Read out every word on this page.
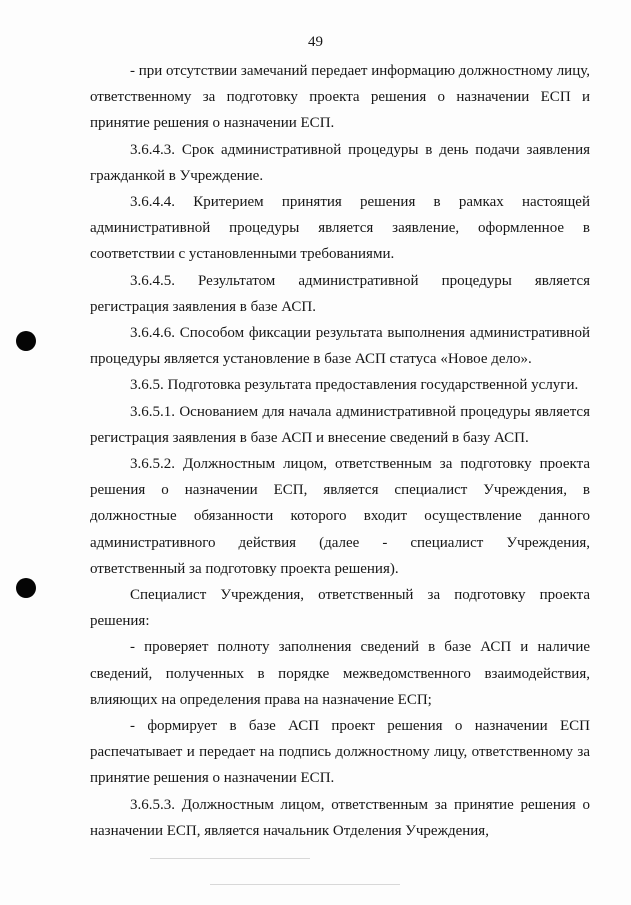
49

- при отсутствии замечаний передает информацию должностному лицу, ответственному за подготовку проекта решения о назначении ЕСП и принятие решения о назначении ЕСП.

3.6.4.3. Срок административной процедуры в день подачи заявления гражданкой в Учреждение.

3.6.4.4. Критерием принятия решения в рамках настоящей административной процедуры является заявление, оформленное в соответствии с установленными требованиями.

3.6.4.5. Результатом административной процедуры является регистрация заявления в базе АСП.

3.6.4.6. Способом фиксации результата выполнения административной процедуры является установление в базе АСП статуса «Новое дело».

3.6.5. Подготовка результата предоставления государственной услуги.

3.6.5.1. Основанием для начала административной процедуры является регистрация заявления в базе АСП и внесение сведений в базу АСП.

3.6.5.2. Должностным лицом, ответственным за подготовку проекта решения о назначении ЕСП, является специалист Учреждения, в должностные обязанности которого входит осуществление данного административного действия (далее - специалист Учреждения, ответственный за подготовку проекта решения).

Специалист Учреждения, ответственный за подготовку проекта решения:

- проверяет полноту заполнения сведений в базе АСП и наличие сведений, полученных в порядке межведомственного взаимодействия, влияющих на определения права на назначение ЕСП;

- формирует в базе АСП проект решения о назначении ЕСП распечатывает и передает на подпись должностному лицу, ответственному за принятие решения о назначении ЕСП.

3.6.5.3. Должностным лицом, ответственным за принятие решения о назначении ЕСП, является начальник Отделения Учреждения,
